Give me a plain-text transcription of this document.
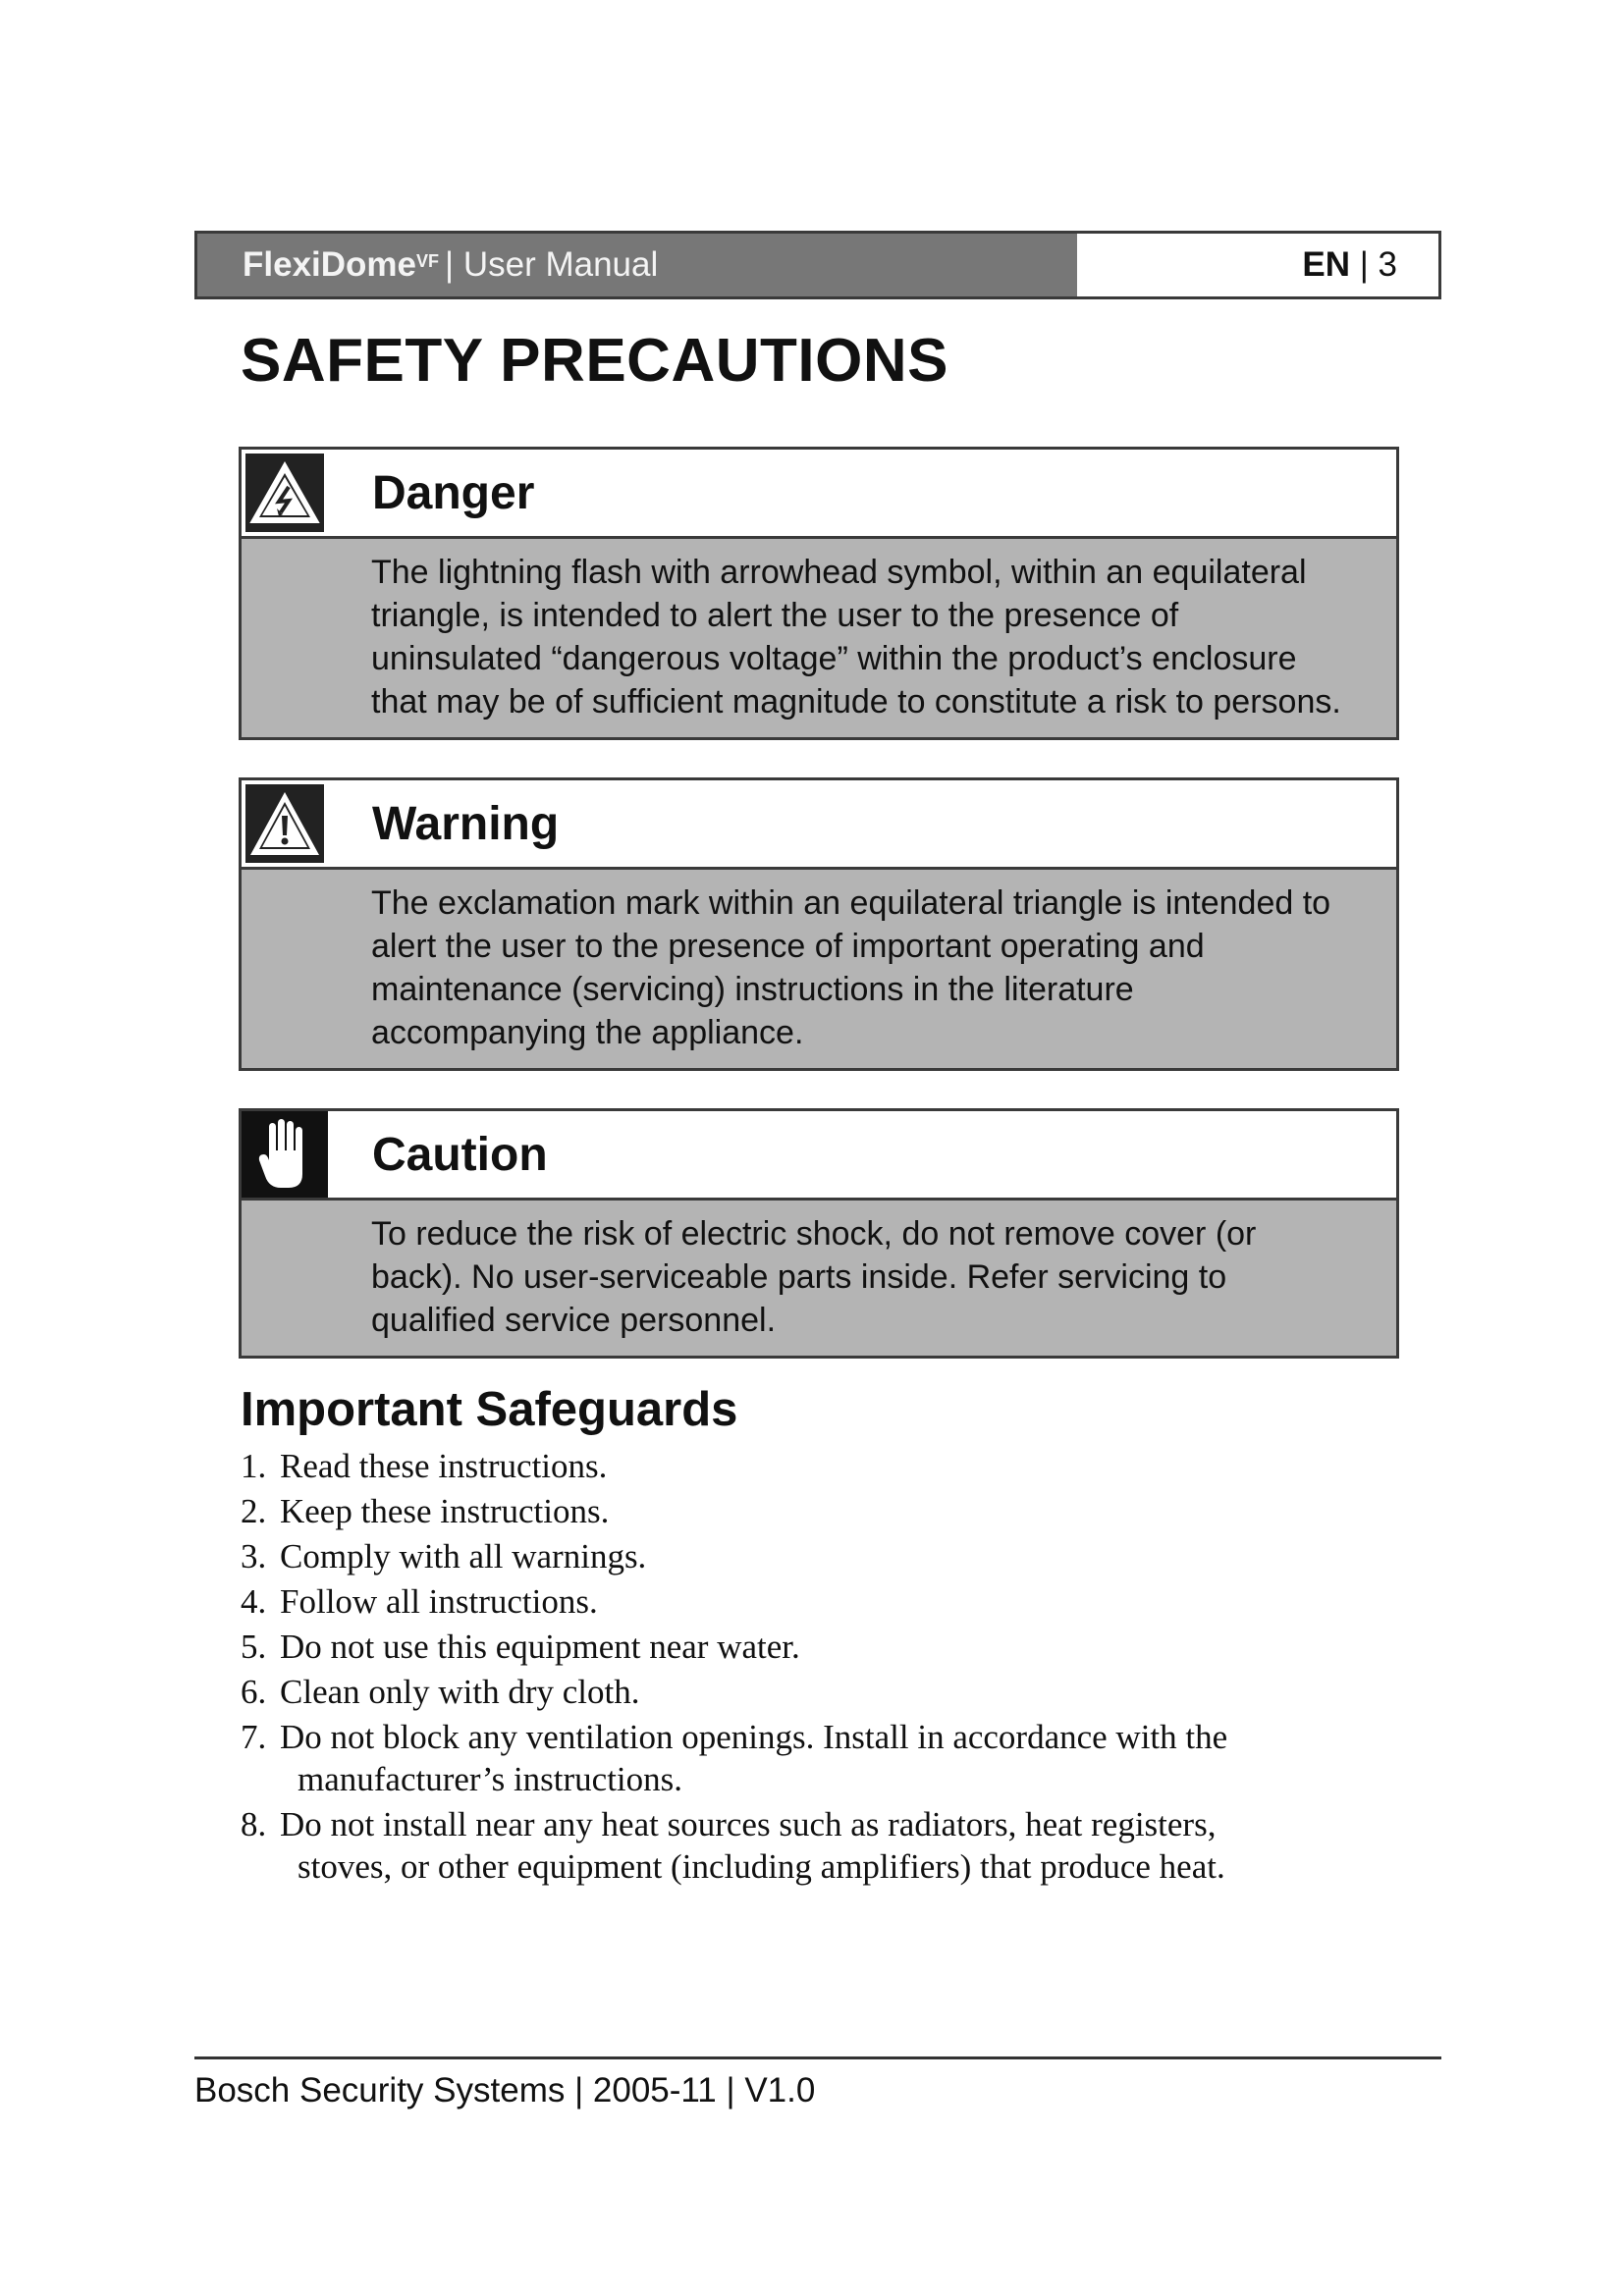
FlexiDome$^{VF}$ |
User Manual	EN
|
3
SAFETY PRECAUTIONS
Danger

The lightning flash with arrowhead symbol, within an equilateral

triangle, is intended to alert the user to the presence of

uninsulated “dangerous voltage” within the product’s enclosure

that may be of sufficient magnitude to constitute a risk to persons.

Warning

The exclamation mark within an equilateral triangle is intended to

alert the user to the presence of important operating and

maintenance (servicing) instructions in the literature

accompanying the appliance.

Caution

To reduce the risk of electric shock, do not remove cover (or

back). No user-serviceable parts inside. Refer servicing to

qualified service personnel.

Important Safeguards
1. Read these instructions.
2. Keep these instructions.
3. Comply with all warnings.
4. Follow all instructions.
5. Do not use this equipment near water.
6. Clean only with dry cloth.
7. Do not block any ventilation openings. Install in accordance with the
manufacturer’s instructions.
8. Do not install near any heat sources such as radiators, heat registers,
stoves, or other equipment (including amplifiers) that produce heat.
Bosch Security Systems | 2005-11 | V1.0
